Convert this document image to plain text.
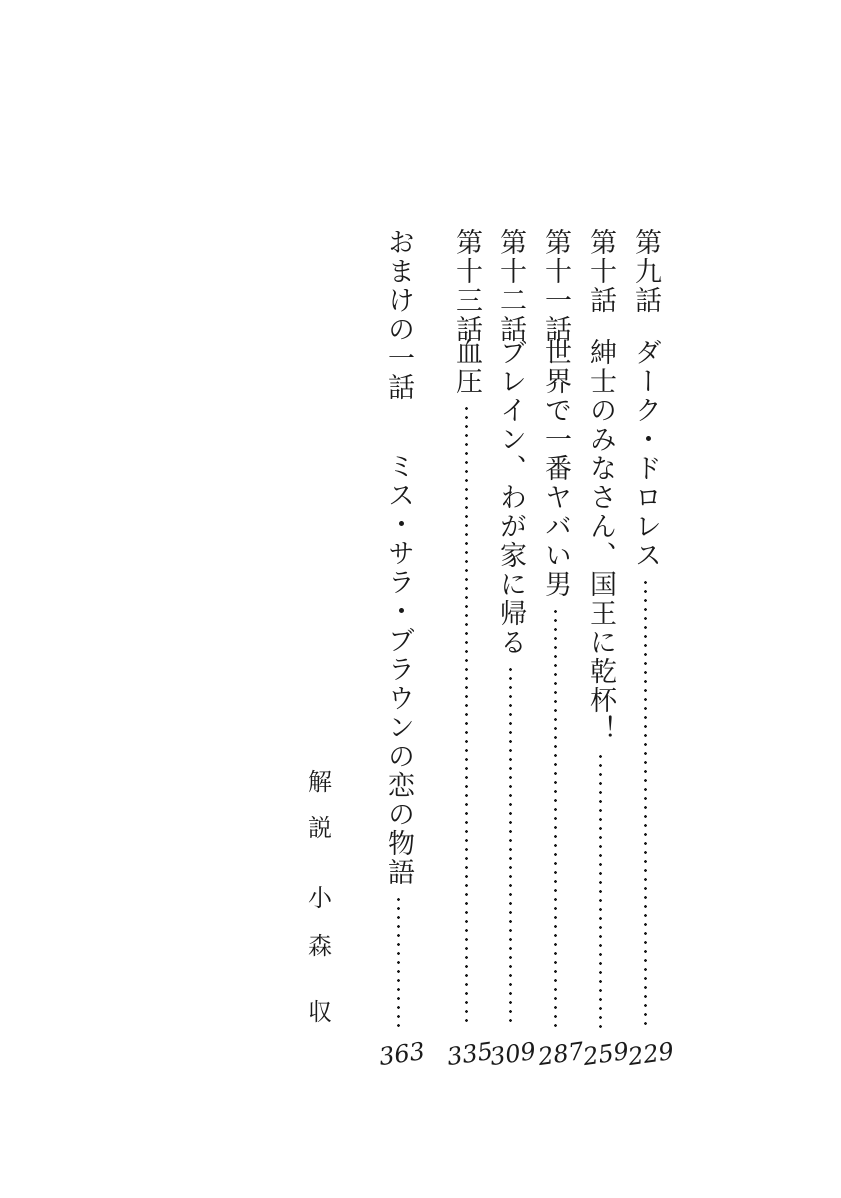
第九話
ダーク・ドロレス
229
第十話
紳士のみなさん、国王に乾杯！
259
第十一話
世界で一番ヤバい男
287
第十二話
ブレイン、わが家に帰る
309
第十三話
血圧
335
おまけの一話
ミス・サラ・ブラウンの恋の物語
363
解
説
小
森
収
